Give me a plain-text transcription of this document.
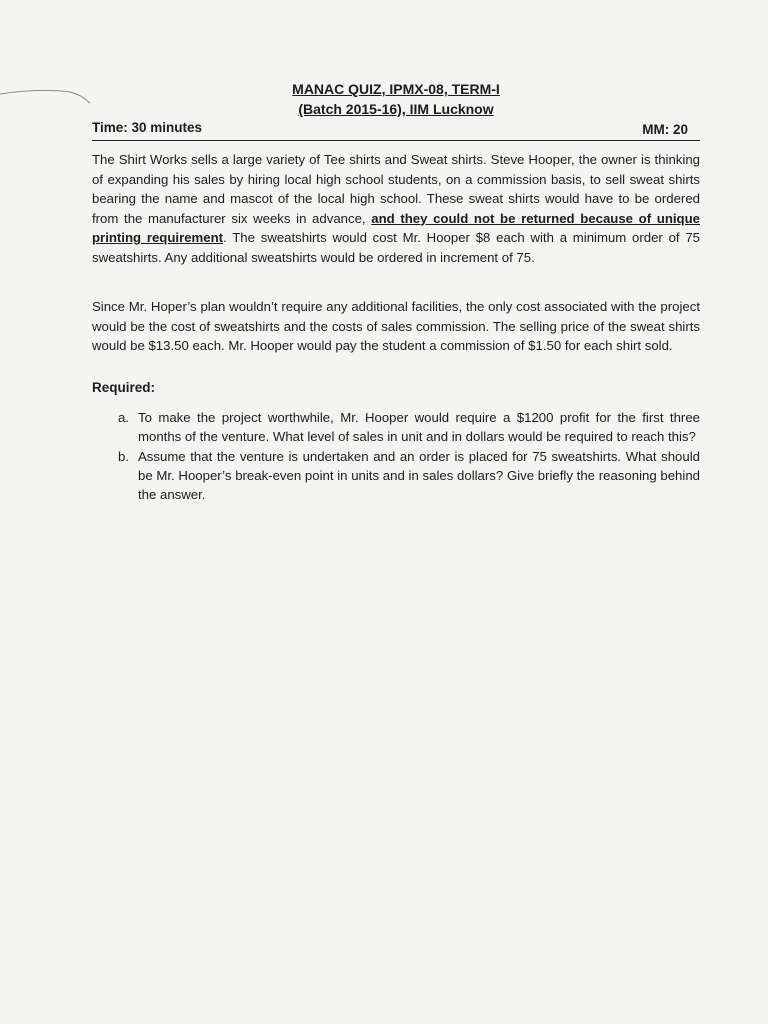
MANAC QUIZ, IPMX-08, TERM-I
(Batch 2015-16), IIM Lucknow
Time: 30 minutes	MM: 20

The Shirt Works sells a large variety of Tee shirts and Sweat shirts. Steve Hooper, the owner is thinking of expanding his sales by hiring local high school students, on a commission basis, to sell sweat shirts bearing the name and mascot of the local high school. These sweat shirts would have to be ordered from the manufacturer six weeks in advance, and they could not be returned because of unique printing requirement. The sweatshirts would cost Mr. Hooper $8 each with a minimum order of 75 sweatshirts. Any additional sweatshirts would be ordered in increment of 75.

Since Mr. Hoper’s plan wouldn’t require any additional facilities, the only cost associated with the project would be the cost of sweatshirts and the costs of sales commission. The selling price of the sweat shirts would be $13.50 each. Mr. Hooper would pay the student a commission of $1.50 for each shirt sold.

Required:

a. To make the project worthwhile, Mr. Hooper would require a $1200 profit for the first three months of the venture. What level of sales in unit and in dollars would be required to reach this?
b. Assume that the venture is undertaken and an order is placed for 75 sweatshirts. What should be Mr. Hooper’s break-even point in units and in sales dollars? Give briefly the reasoning behind the answer.
